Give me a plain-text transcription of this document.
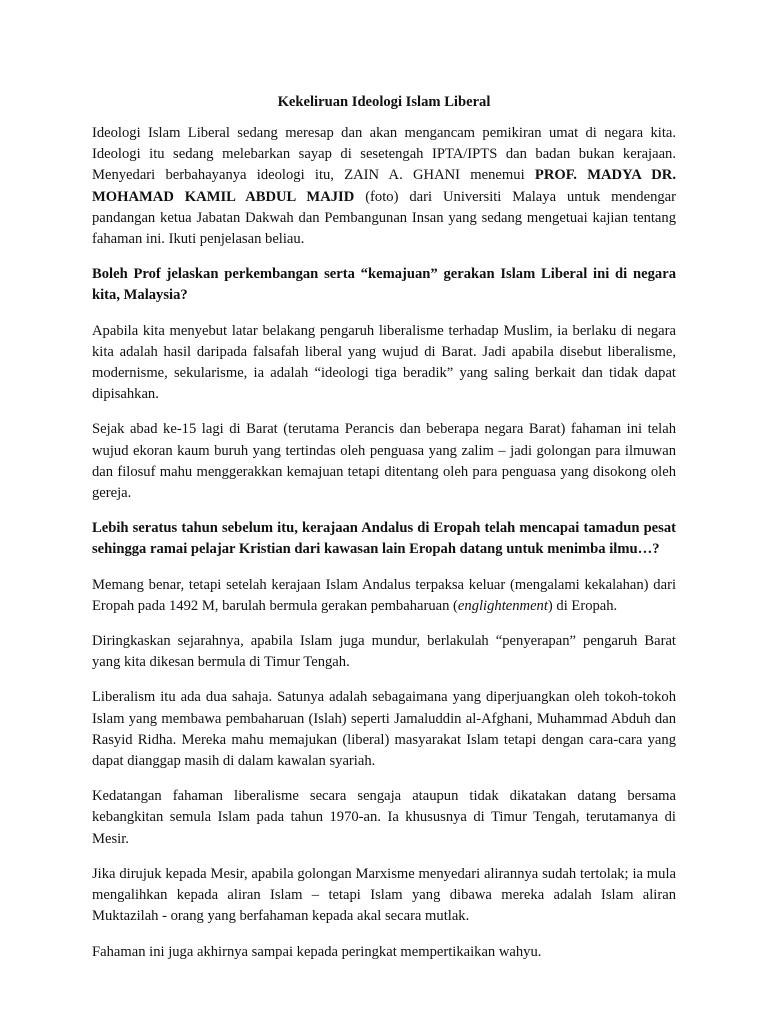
Kekeliruan Ideologi Islam Liberal

Ideologi Islam Liberal sedang meresap dan akan mengancam pemikiran umat di negara kita. Ideologi itu sedang melebarkan sayap di sesetengah IPTA/IPTS dan badan bukan kerajaan. Menyedari berbahayanya ideologi itu, ZAIN A. GHANI menemui PROF. MADYA DR. MOHAMAD KAMIL ABDUL MAJID (foto) dari Universiti Malaya untuk mendengar pandangan ketua Jabatan Dakwah dan Pembangunan Insan yang sedang mengetuai kajian tentang fahaman ini. Ikuti penjelasan beliau.

Boleh Prof jelaskan perkembangan serta “kemajuan” gerakan Islam Liberal ini di negara kita, Malaysia?

Apabila kita menyebut latar belakang pengaruh liberalisme terhadap Muslim, ia berlaku di negara kita adalah hasil daripada falsafah liberal yang wujud di Barat. Jadi apabila disebut liberalisme, modernisme, sekularisme, ia adalah “ideologi tiga beradik” yang saling berkait dan tidak dapat dipisahkan.

Sejak abad ke-15 lagi di Barat (terutama Perancis dan beberapa negara Barat) fahaman ini telah wujud ekoran kaum buruh yang tertindas oleh penguasa yang zalim – jadi golongan para ilmuwan dan filosuf mahu menggerakkan kemajuan tetapi ditentang oleh para penguasa yang disokong oleh gereja.

Lebih seratus tahun sebelum itu, kerajaan Andalus di Eropah telah mencapai tamadun pesat sehingga ramai pelajar Kristian dari kawasan lain Eropah datang untuk menimba ilmu…?

Memang benar, tetapi setelah kerajaan Islam Andalus terpaksa keluar (mengalami kekalahan) dari Eropah pada 1492 M, barulah bermula gerakan pembaharuan (englightenment) di Eropah.

Diringkaskan sejarahnya, apabila Islam juga mundur, berlakulah “penyerapan” pengaruh Barat yang kita dikesan bermula di Timur Tengah.

Liberalism itu ada dua sahaja. Satunya adalah sebagaimana yang diperjuangkan oleh tokoh-tokoh Islam yang membawa pembaharuan (Islah) seperti Jamaluddin al-Afghani, Muhammad Abduh dan Rasyid Ridha. Mereka mahu memajukan (liberal) masyarakat Islam tetapi dengan cara-cara yang dapat dianggap masih di dalam kawalan syariah.

Kedatangan fahaman liberalisme secara sengaja ataupun tidak dikatakan datang bersama kebangkitan semula Islam pada tahun 1970-an. Ia khususnya di Timur Tengah, terutamanya di Mesir.

Jika dirujuk kepada Mesir, apabila golongan Marxisme menyedari alirannya sudah tertolak; ia mula mengalihkan kepada aliran Islam – tetapi Islam yang dibawa mereka adalah Islam aliran Muktazilah - orang yang berfahaman kepada akal secara mutlak.

Fahaman ini juga akhirnya sampai kepada peringkat mempertikaikan wahyu.
